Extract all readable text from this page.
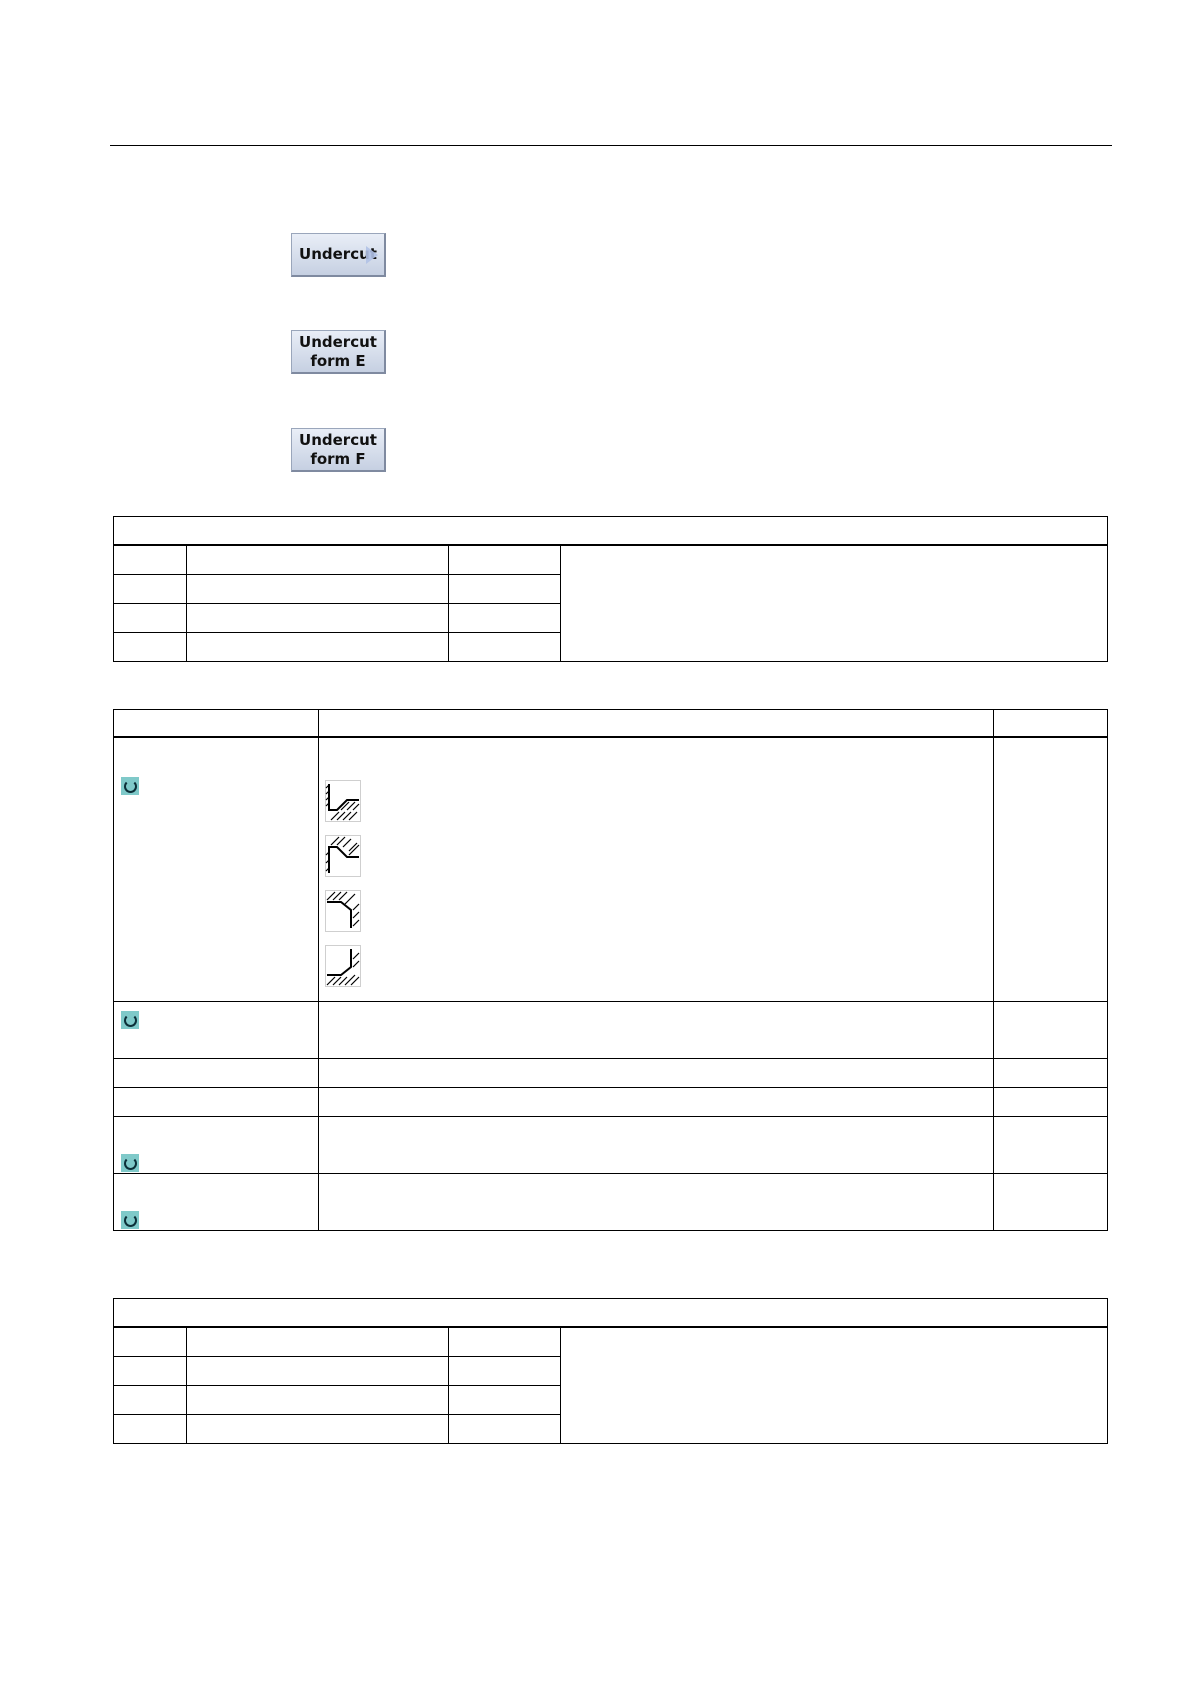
Undercut
Undercut
form E
Undercut
form F
